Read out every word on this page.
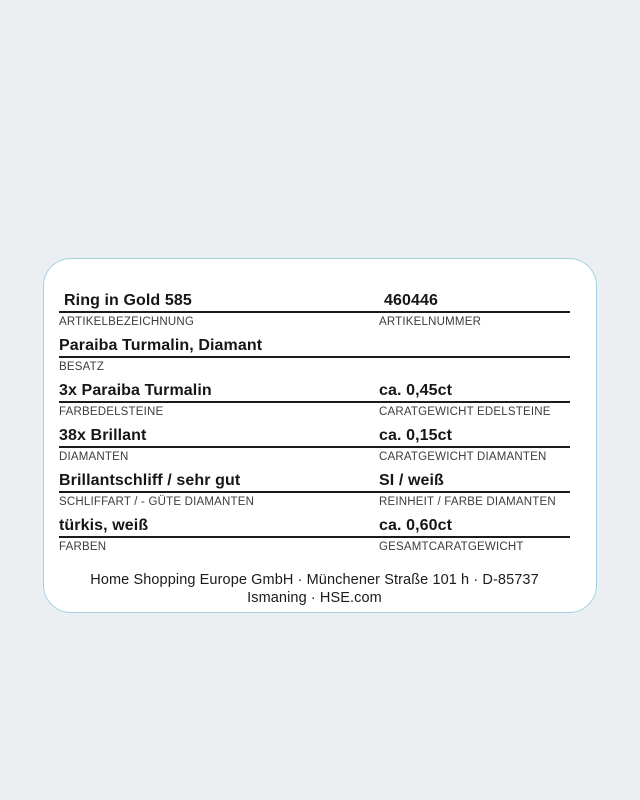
Ring in Gold 585	460446
ARTIKELBEZEICHNUNG	ARTIKELNUMMER
Paraiba Turmalin, Diamant
BESATZ
3x Paraiba Turmalin	ca. 0,45ct
FARBEDELSTEINE	CARATGEWICHT EDELSTEINE
38x Brillant	ca. 0,15ct
DIAMANTEN	CARATGEWICHT DIAMANTEN
Brillantschliff / sehr gut	SI / weiß
SCHLIFFART / - GÜTE DIAMANTEN	REINHEIT / FARBE DIAMANTEN
türkis, weiß	ca. 0,60ct
FARBEN	GESAMTCARATGEWICHT
Home Shopping Europe GmbH · Münchener Straße 101 h · D-85737 Ismaning · HSE.com
